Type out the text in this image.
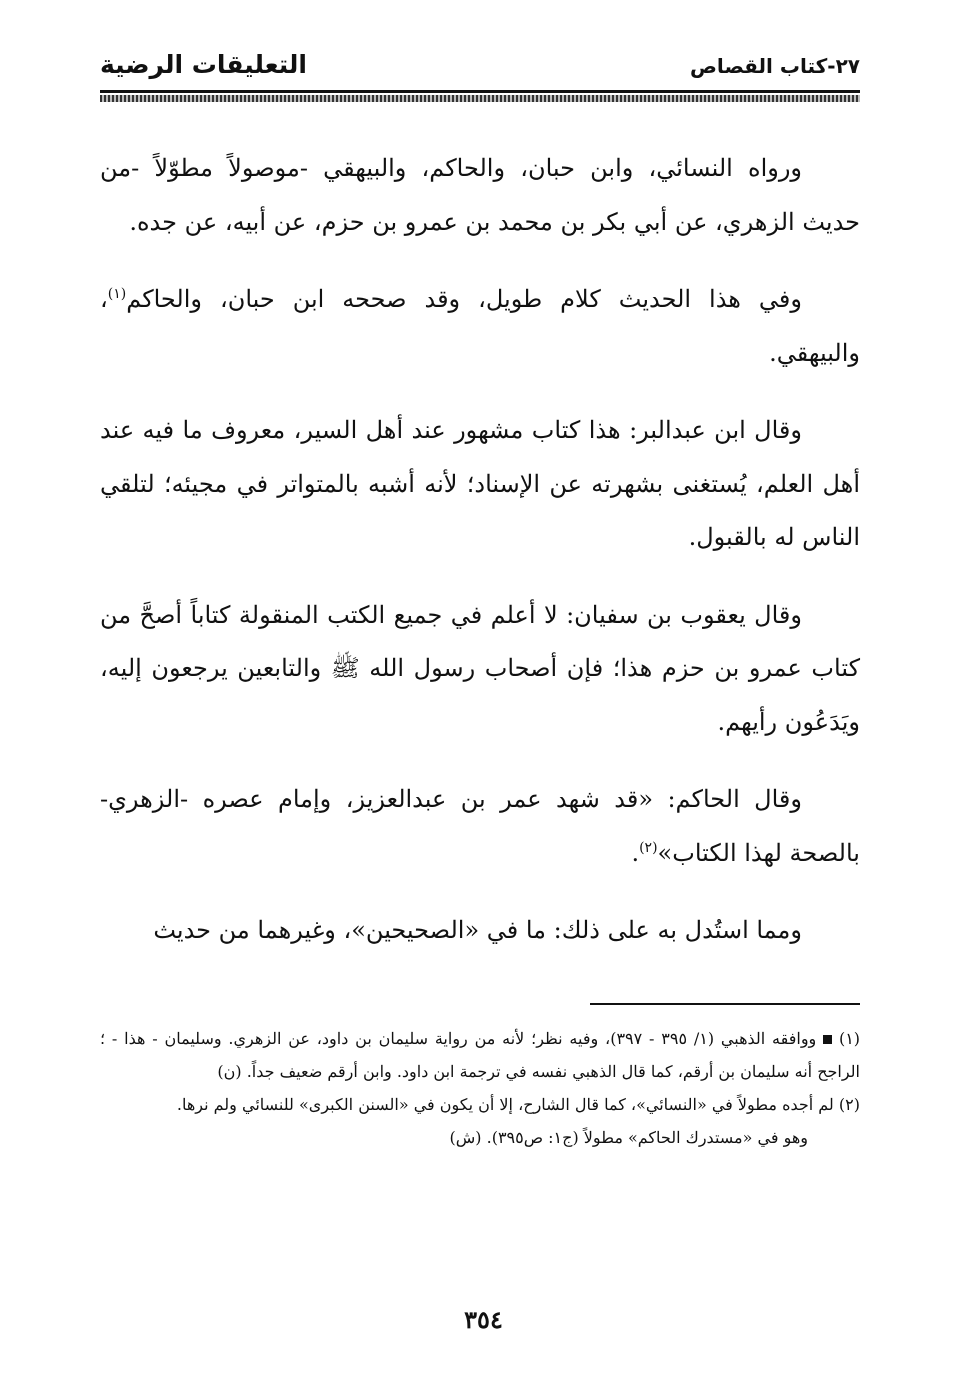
٢٧-كتاب القصاص
التعليقات الرضية

ورواه النسائي، وابن حبان، والحاكم، والبيهقي -موصولاً مطوّلاً -من حديث الزهري، عن أبي بكر بن محمد بن عمرو بن حزم، عن أبيه، عن جده.

وفي هذا الحديث كلام طويل، وقد صححه ابن حبان، والحاكم$^{(١)}$، والبيهقي.

وقال ابن عبدالبر: هذا كتاب مشهور عند أهل السير، معروف ما فيه عند أهل العلم، يُستغنى بشهرته عن الإسناد؛ لأنه أشبه بالمتواتر في مجيئه؛ لتلقي الناس له بالقبول.

وقال يعقوب بن سفيان: لا أعلم في جميع الكتب المنقولة كتاباً أصحَّ من كتاب عمرو بن حزم هذا؛ فإن أصحاب رسول الله ﷺ والتابعين يرجعون إليه، ويَدَعُون رأيهم.

وقال الحاكم: «قد شهد عمر بن عبدالعزيز، وإمام عصره -الزهري- بالصحة لهذا الكتاب»$^{(٢)}$.

ومما استُدل به على ذلك: ما في «الصحيحين»، وغيرهما من حديث

(١)  ووافقه الذهبي (١/ ٣٩٥ - ٣٩٧)، وفيه نظر؛ لأنه من رواية سليمان بن داود، عن الزهري. وسليمان - هذا - ؛ الراجح أنه سليمان بن أرقم، كما قال الذهبي نفسه في ترجمة ابن داود. وابن أرقم ضعيف جداً. (ن)

(٢) لم أجده مطولاً في «النسائي»، كما قال الشارح، إلا أن يكون في «السنن الكبرى» للنسائي ولم نرها.

وهو في «مستدرك الحاكم» مطولاً (ج١: ص٣٩٥). (ش)

٣٥٤
